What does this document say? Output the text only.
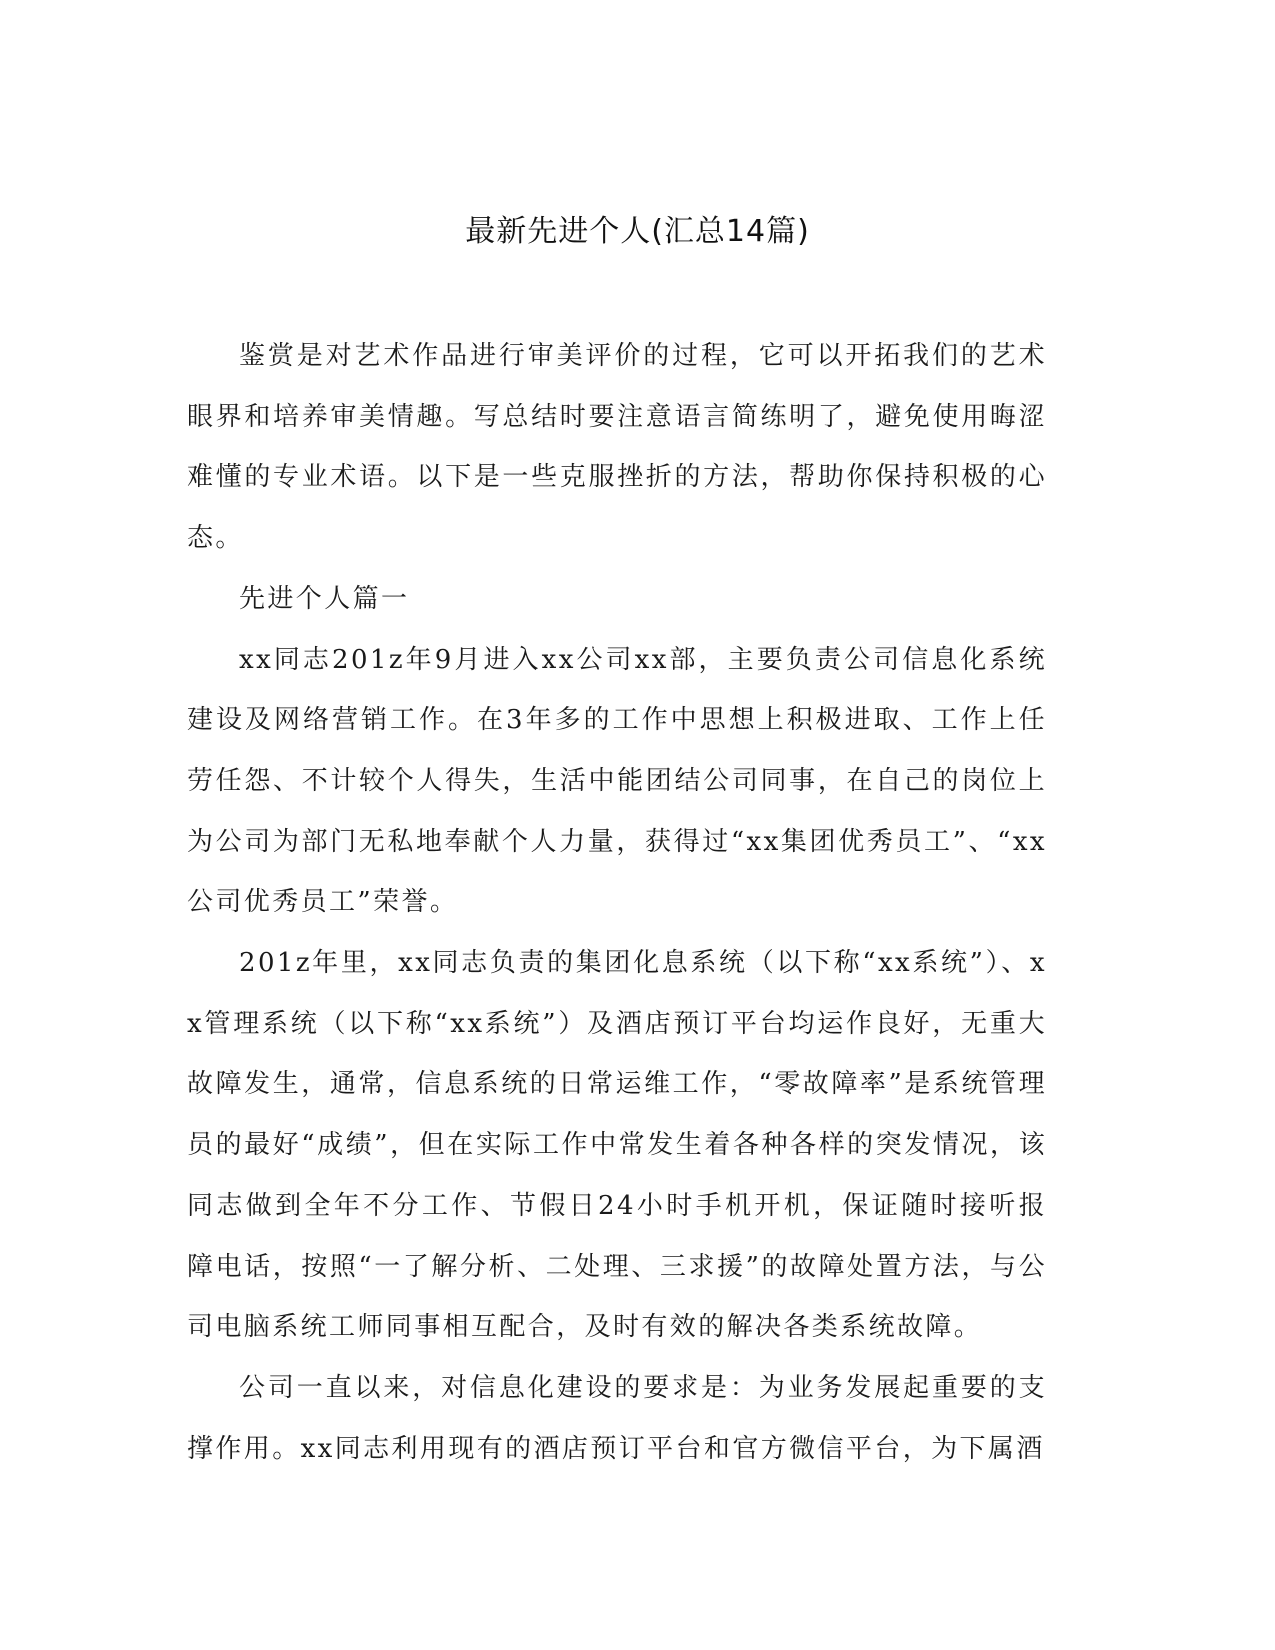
最新先进个人(汇总14篇)

鉴赏是对艺术作品进行审美评价的过程，它可以开拓我们的艺术眼界和培养审美情趣。写总结时要注意语言简练明了，避免使用晦涩难懂的专业术语。以下是一些克服挫折的方法，帮助你保持积极的心态。

先进个人篇一

xx同志201z年9月进入xx公司xx部，主要负责公司信息化系统建设及网络营销工作。在3年多的工作中思想上积极进取、工作上任劳任怨、不计较个人得失，生活中能团结公司同事，在自己的岗位上为公司为部门无私地奉献个人力量，获得过“xx集团优秀员工”、“xx公司优秀员工”荣誉。

201z年里，xx同志负责的集团化息系统（以下称“xx系统”）、xx管理系统（以下称“xx系统”）及酒店预订平台均运作良好，无重大故障发生，通常，信息系统的日常运维工作，“零故障率”是系统管理员的最好“成绩”，但在实际工作中常发生着各种各样的突发情况，该同志做到全年不分工作、节假日24小时手机开机，保证随时接听报障电话，按照“一了解分析、二处理、三求援”的故障处置方法，与公司电脑系统工师同事相互配合，及时有效的解决各类系统故障。

公司一直以来，对信息化建设的要求是：为业务发展起重要的支撑作用。xx同志利用现有的酒店预订平台和官方微信平台，为下属酒
